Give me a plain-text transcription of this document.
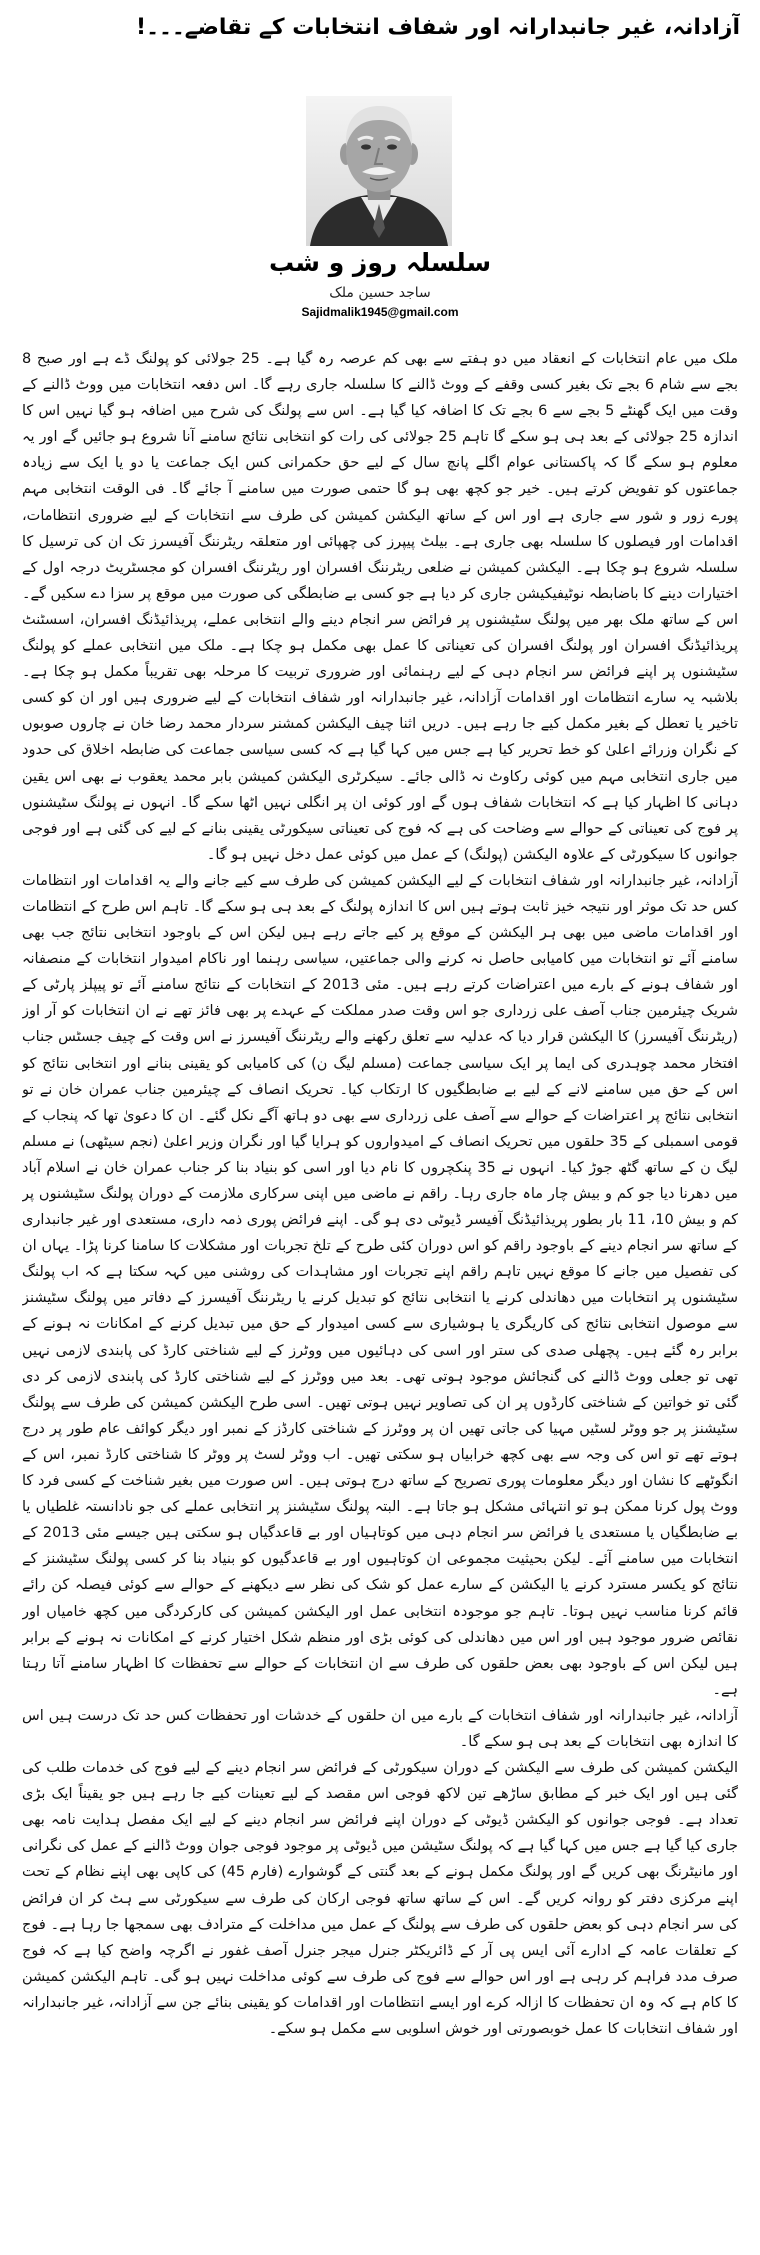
آزادانہ، غیر جانبدارانہ اور شفاف انتخابات کے تقاضے۔۔۔!
سلسلہ روز و شب
ساجد حسین ملک
Sajidmalik1945@gmail.com

ملک میں عام انتخابات کے انعقاد میں دو ہفتے سے بھی کم عرصہ رہ گیا ہے۔ 25 جولائی کو پولنگ ڈے ہے اور صبح 8 بجے سے شام 6 بجے تک بغیر کسی وقفے کے ووٹ ڈالنے کا سلسلہ جاری رہے گا۔ اس دفعہ انتخابات میں ووٹ ڈالنے کے وقت میں ایک گھنٹے 5 بجے سے 6 بجے تک کا اضافہ کیا گیا ہے۔ اس سے پولنگ کی شرح میں اضافہ ہو گیا نہیں اس کا اندازہ 25 جولائی کے بعد ہی ہو سکے گا تاہم 25 جولائی کی رات کو انتخابی نتائج سامنے آنا شروع ہو جائیں گے اور یہ معلوم ہو سکے گا کہ پاکستانی عوام اگلے پانچ سال کے لیے حق حکمرانی کس ایک جماعت یا دو یا ایک سے زیادہ جماعتوں کو تفویض کرتے ہیں۔ خیر جو کچھ بھی ہو گا حتمی صورت میں سامنے آ جائے گا۔ فی الوقت انتخابی مہم پورے زور و شور سے جاری ہے اور اس کے ساتھ الیکشن کمیشن کی طرف سے انتخابات کے لیے ضروری انتظامات، اقدامات اور فیصلوں کا سلسلہ بھی جاری ہے۔ بیلٹ پیپرز کی چھپائی اور متعلقہ ریٹرننگ آفیسرز تک ان کی ترسیل کا سلسلہ شروع ہو چکا ہے۔ الیکشن کمیشن نے ضلعی ریٹرننگ افسران اور ریٹرننگ افسران کو مجسٹریٹ درجہ اول کے اختیارات دینے کا باضابطہ نوٹیفیکیشن جاری کر دیا ہے جو کسی بے ضابطگی کی صورت میں موقع پر سزا دے سکیں گے۔ اس کے ساتھ ملک بھر میں پولنگ سٹیشنوں پر فرائض سر انجام دینے والے انتخابی عملے، پریذائیڈنگ افسران، اسسٹنٹ پریذائیڈنگ افسران اور پولنگ افسران کی تعیناتی کا عمل بھی مکمل ہو چکا ہے۔ ملک میں انتخابی عملے کو پولنگ سٹیشنوں پر اپنے فرائض سر انجام دہی کے لیے رہنمائی اور ضروری تربیت کا مرحلہ بھی تقریباً مکمل ہو چکا ہے۔ بلاشبہ یہ سارے انتظامات اور اقدامات آزادانہ، غیر جانبدارانہ اور شفاف انتخابات کے لیے ضروری ہیں اور ان کو کسی تاخیر یا تعطل کے بغیر مکمل کیے جا رہے ہیں۔ دریں اثنا چیف الیکشن کمشنر سردار محمد رضا خان نے چاروں صوبوں کے نگران وزرائے اعلیٰ کو خط تحریر کیا ہے جس میں کہا گیا ہے کہ کسی سیاسی جماعت کی ضابطہ اخلاق کی حدود میں جاری انتخابی مہم میں کوئی رکاوٹ نہ ڈالی جائے۔ سیکرٹری الیکشن کمیشن بابر محمد یعقوب نے بھی اس یقین دہانی کا اظہار کیا ہے کہ انتخابات شفاف ہوں گے اور کوئی ان پر انگلی نہیں اٹھا سکے گا۔ انہوں نے پولنگ سٹیشنوں پر فوج کی تعیناتی کے حوالے سے وضاحت کی ہے کہ فوج کی تعیناتی سیکورٹی یقینی بنانے کے لیے کی گئی ہے اور فوجی جوانوں کا سیکورٹی کے علاوہ الیکشن (پولنگ) کے عمل میں کوئی عمل دخل نہیں ہو گا۔

آزادانہ، غیر جانبدارانہ اور شفاف انتخابات کے لیے الیکشن کمیشن کی طرف سے کیے جانے والے یہ اقدامات اور انتظامات کس حد تک موثر اور نتیجہ خیز ثابت ہوتے ہیں اس کا اندازہ پولنگ کے بعد ہی ہو سکے گا۔ تاہم اس طرح کے انتظامات اور اقدامات ماضی میں بھی ہر الیکشن کے موقع پر کیے جاتے رہے ہیں لیکن اس کے باوجود انتخابی نتائج جب بھی سامنے آئے تو انتخابات میں کامیابی حاصل نہ کرنے والی جماعتیں، سیاسی رہنما اور ناکام امیدوار انتخابات کے منصفانہ اور شفاف ہونے کے بارے میں اعتراضات کرتے رہے ہیں۔ مئی 2013 کے انتخابات کے نتائج سامنے آئے تو پیپلز پارٹی کے شریک چیئرمین جناب آصف علی زرداری جو اس وقت صدر مملکت کے عہدے پر بھی فائز تھے نے ان انتخابات کو آر اوز (ریٹرننگ آفیسرز) کا الیکشن قرار دیا کہ عدلیہ سے تعلق رکھنے والے ریٹرننگ آفیسرز نے اس وقت کے چیف جسٹس جناب افتخار محمد چوہدری کی ایما پر ایک سیاسی جماعت (مسلم لیگ ن) کی کامیابی کو یقینی بنانے اور انتخابی نتائج کو اس کے حق میں سامنے لانے کے لیے بے ضابطگیوں کا ارتکاب کیا۔ تحریک انصاف کے چیئرمین جناب عمران خان نے تو انتخابی نتائج پر اعتراضات کے حوالے سے آصف علی زرداری سے بھی دو ہاتھ آگے نکل گئے۔ ان کا دعویٰ تھا کہ پنجاب کے قومی اسمبلی کے 35 حلقوں میں تحریک انصاف کے امیدواروں کو ہرایا گیا اور نگران وزیر اعلیٰ (نجم سیٹھی) نے مسلم لیگ ن کے ساتھ گٹھ جوڑ کیا۔ انہوں نے 35 پنکچروں کا نام دیا اور اسی کو بنیاد بنا کر جناب عمران خان نے اسلام آباد میں دھرنا دیا جو کم و بیش چار ماہ جاری رہا۔ راقم نے ماضی میں اپنی سرکاری ملازمت کے دوران پولنگ سٹیشنوں پر کم و بیش 10، 11 بار بطور پریذائیڈنگ آفیسر ڈیوٹی دی ہو گی۔ اپنے فرائض پوری ذمہ داری، مستعدی اور غیر جانبداری کے ساتھ سر انجام دینے کے باوجود راقم کو اس دوران کئی طرح کے تلخ تجربات اور مشکلات کا سامنا کرنا پڑا۔ یہاں ان کی تفصیل میں جانے کا موقع نہیں تاہم راقم اپنے تجربات اور مشاہدات کی روشنی میں کہہ سکتا ہے کہ اب پولنگ سٹیشنوں پر انتخابات میں دھاندلی کرنے یا انتخابی نتائج کو تبدیل کرنے یا ریٹرننگ آفیسرز کے دفاتر میں پولنگ سٹیشنز سے موصول انتخابی نتائج کی کاریگری یا ہوشیاری سے کسی امیدوار کے حق میں تبدیل کرنے کے امکانات نہ ہونے کے برابر رہ گئے ہیں۔ پچھلی صدی کی ستر اور اسی کی دہائیوں میں ووٹرز کے لیے شناختی کارڈ کی پابندی لازمی نہیں تھی تو جعلی ووٹ ڈالنے کی گنجائش موجود ہوتی تھی۔ بعد میں ووٹرز کے لیے شناختی کارڈ کی پابندی لازمی کر دی گئی تو خواتین کے شناختی کارڈوں پر ان کی تصاویر نہیں ہوتی تھیں۔ اسی طرح الیکشن کمیشن کی طرف سے پولنگ سٹیشنز پر جو ووٹر لسٹیں مہیا کی جاتی تھیں ان پر ووٹرز کے شناختی کارڈز کے نمبر اور دیگر کوائف عام طور پر درج ہوتے تھے تو اس کی وجہ سے بھی کچھ خرابیاں ہو سکتی تھیں۔ اب ووٹر لسٹ پر ووٹر کا شناختی کارڈ نمبر، اس کے انگوٹھے کا نشان اور دیگر معلومات پوری تصریح کے ساتھ درج ہوتی ہیں۔ اس صورت میں بغیر شناخت کے کسی فرد کا ووٹ پول کرنا ممکن ہو تو انتہائی مشکل ہو جاتا ہے۔ البتہ پولنگ سٹیشنز پر انتخابی عملے کی جو نادانستہ غلطیاں یا بے ضابطگیاں یا مستعدی یا فرائض سر انجام دہی میں کوتاہیاں اور بے قاعدگیاں ہو سکتی ہیں جیسے مئی 2013 کے انتخابات میں سامنے آئے۔ لیکن بحیثیت مجموعی ان کوتاہیوں اور بے قاعدگیوں کو بنیاد بنا کر کسی پولنگ سٹیشنز کے نتائج کو یکسر مسترد کرنے یا الیکشن کے سارے عمل کو شک کی نظر سے دیکھنے کے حوالے سے کوئی فیصلہ کن رائے قائم کرنا مناسب نہیں ہوتا۔ تاہم جو موجودہ انتخابی عمل اور الیکشن کمیشن کی کارکردگی میں کچھ خامیاں اور نقائص ضرور موجود ہیں اور اس میں دھاندلی کی کوئی بڑی اور منظم شکل اختیار کرنے کے امکانات نہ ہونے کے برابر ہیں لیکن اس کے باوجود بھی بعض حلقوں کی طرف سے ان انتخابات کے حوالے سے تحفظات کا اظہار سامنے آتا رہتا ہے۔

آزادانہ، غیر جانبدارانہ اور شفاف انتخابات کے بارے میں ان حلقوں کے خدشات اور تحفظات کس حد تک درست ہیں اس کا اندازہ بھی انتخابات کے بعد ہی ہو سکے گا۔

الیکشن کمیشن کی طرف سے الیکشن کے دوران سیکورٹی کے فرائض سر انجام دینے کے لیے فوج کی خدمات طلب کی گئی ہیں اور ایک خبر کے مطابق ساڑھے تین لاکھ فوجی اس مقصد کے لیے تعینات کیے جا رہے ہیں جو یقیناً ایک بڑی تعداد ہے۔ فوجی جوانوں کو الیکشن ڈیوٹی کے دوران اپنے فرائض سر انجام دینے کے لیے ایک مفصل ہدایت نامہ بھی جاری کیا گیا ہے جس میں کہا گیا ہے کہ پولنگ سٹیشن میں ڈیوٹی پر موجود فوجی جوان ووٹ ڈالنے کے عمل کی نگرانی اور مانیٹرنگ بھی کریں گے اور پولنگ مکمل ہونے کے بعد گنتی کے گوشوارے (فارم 45) کی کاپی بھی اپنے نظام کے تحت اپنے مرکزی دفتر کو روانہ کریں گے۔ اس کے ساتھ ساتھ فوجی ارکان کی طرف سے سیکورٹی سے ہٹ کر ان فرائض کی سر انجام دہی کو بعض حلقوں کی طرف سے پولنگ کے عمل میں مداخلت کے مترادف بھی سمجھا جا رہا ہے۔ فوج کے تعلقات عامہ کے ادارے آئی ایس پی آر کے ڈائریکٹر جنرل میجر جنرل آصف غفور نے اگرچہ واضح کیا ہے کہ فوج صرف مدد فراہم کر رہی ہے اور اس حوالے سے فوج کی طرف سے کوئی مداخلت نہیں ہو گی۔ تاہم الیکشن کمیشن کا کام ہے کہ وہ ان تحفظات کا ازالہ کرے اور ایسے انتظامات اور اقدامات کو یقینی بنائے جن سے آزادانہ، غیر جانبدارانہ اور شفاف انتخابات کا عمل خوبصورتی اور خوش اسلوبی سے مکمل ہو سکے۔
